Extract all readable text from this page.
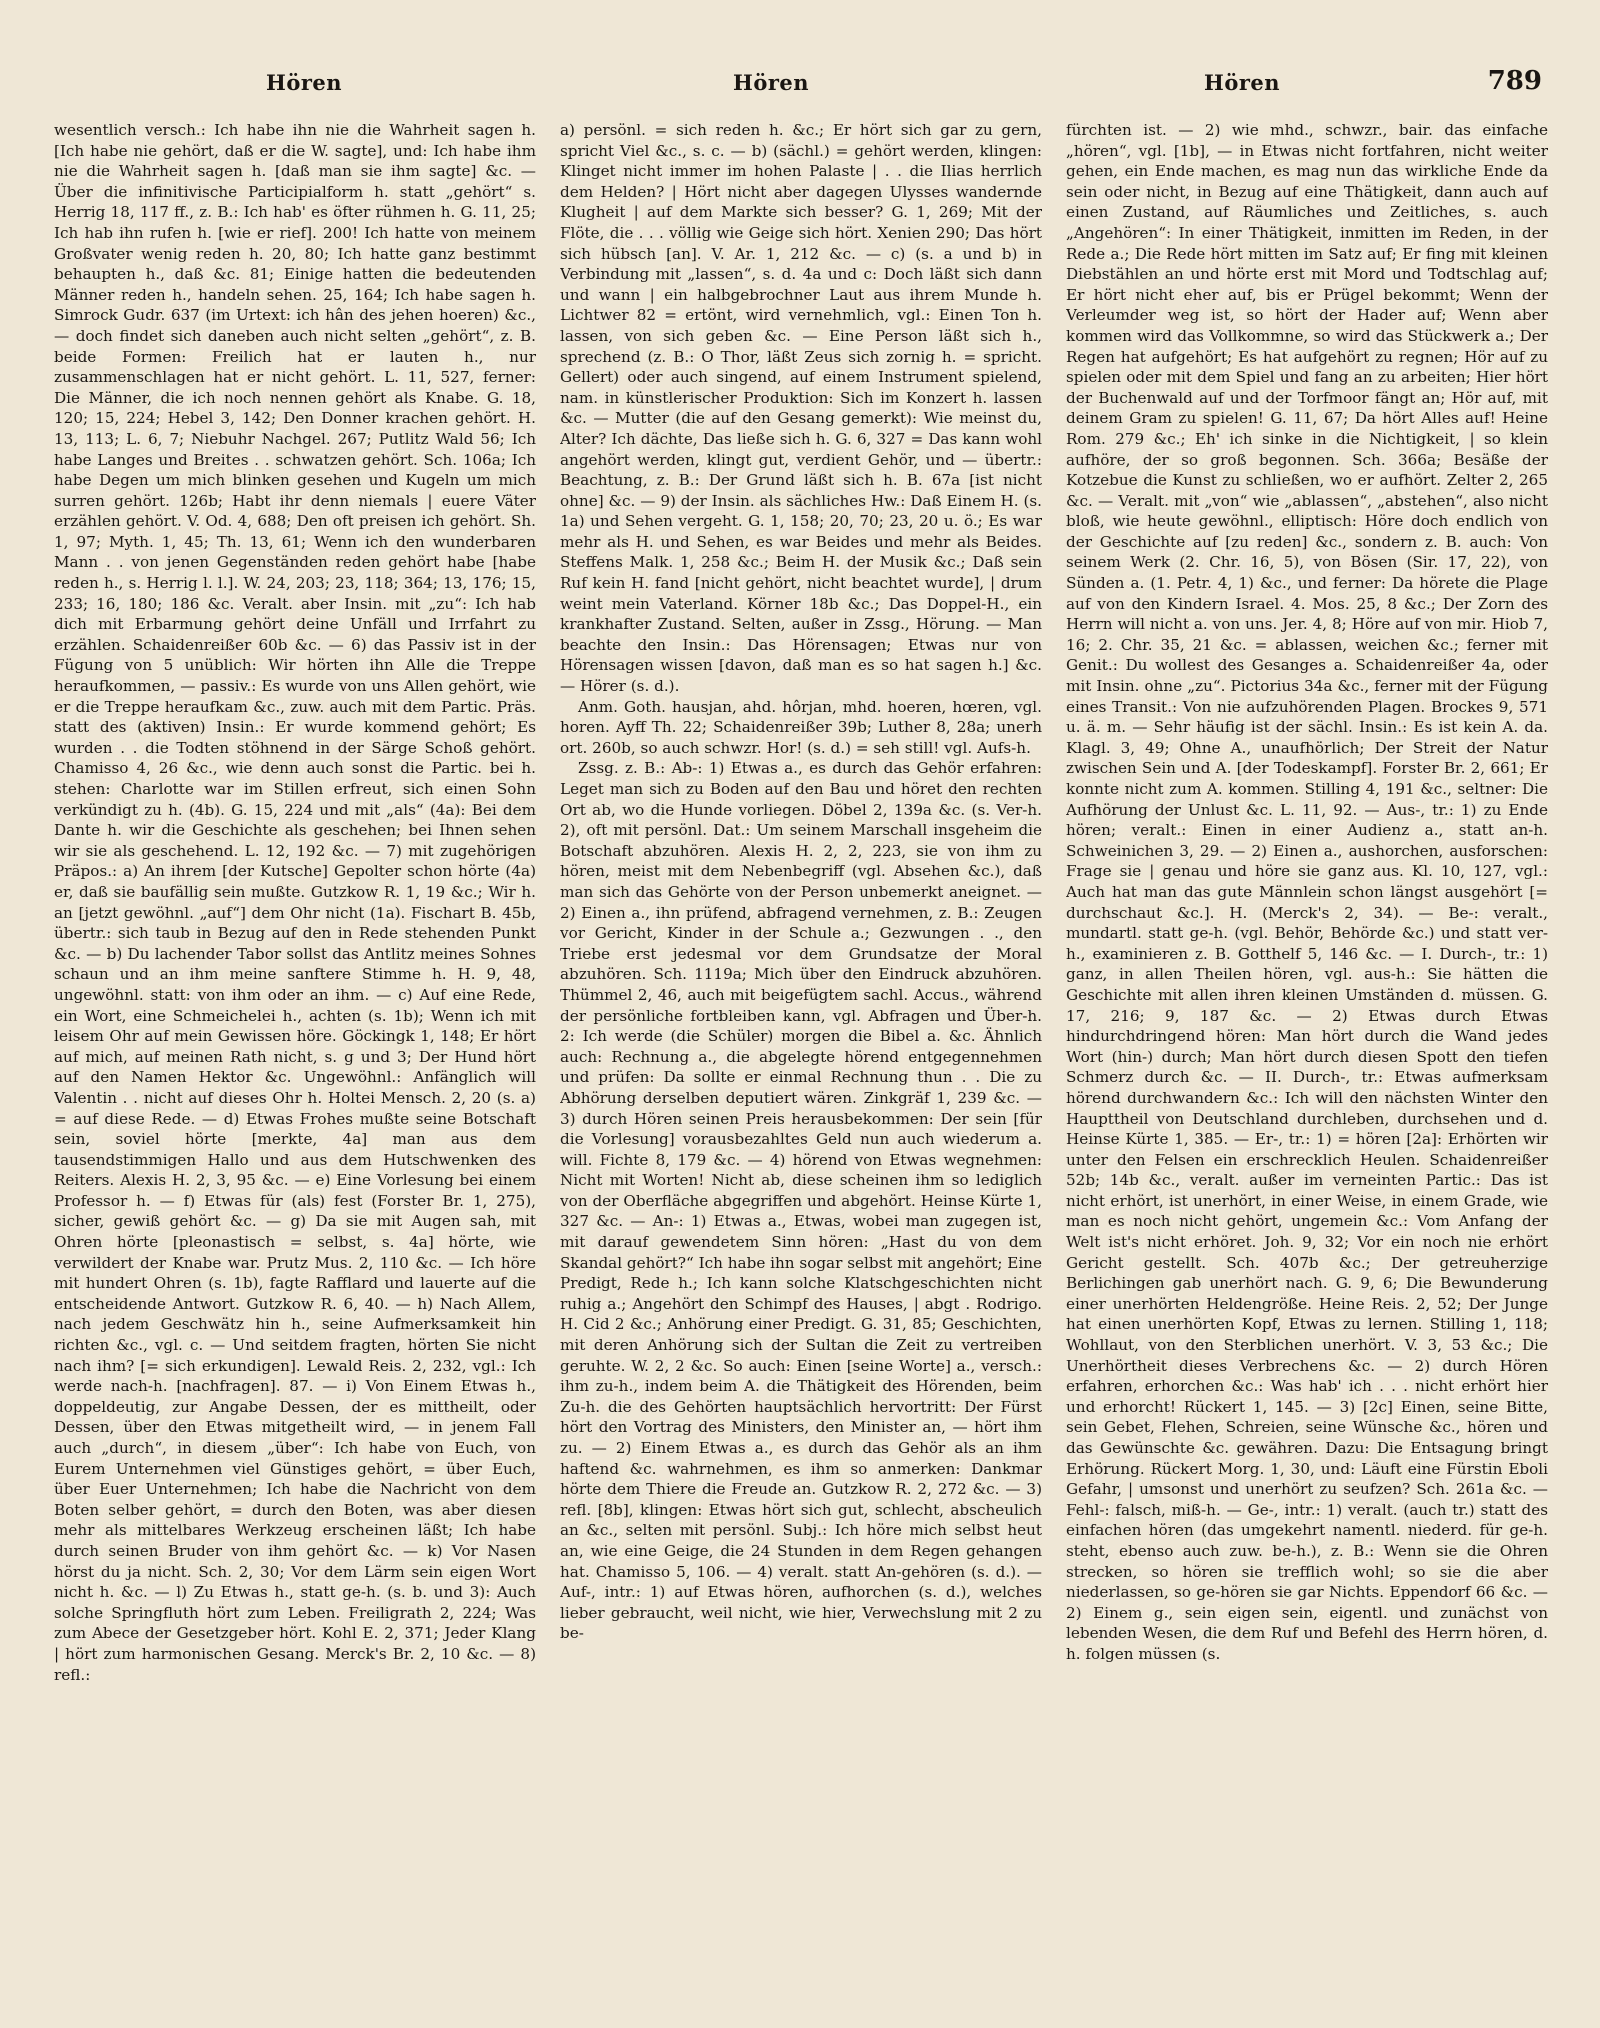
Hören	Hören	Hören	789

wesentlich versch.: Ich habe ihn nie die Wahrheit sagen h. [Ich habe nie gehört, daß er die W. sagte], und: Ich habe ihm nie die Wahrheit sagen h. [daß man sie ihm sagte] &c. — Über die infinitivische Participialform h. statt „gehört“ s. Herrig 18, 117 ff., z. B.: Ich hab' es öfter rühmen h. G. 11, 25; Ich hab ihn rufen h. [wie er rief]. 200! Ich hatte von meinem Großvater wenig reden h. 20, 80; Ich hatte ganz bestimmt behaupten h., daß &c. 81; Einige hatten die bedeutenden Männer reden h., handeln sehen. 25, 164; Ich habe sagen h. Simrock Gudr. 637 (im Urtext: ich hân des jehen hoeren) &c., — doch findet sich daneben auch nicht selten „gehört“, z. B. beide Formen: Freilich hat er lauten h., nur zusammenschlagen hat er nicht gehört. L. 11, 527, ferner: Die Männer, die ich noch nennen gehört als Knabe. G. 18, 120; 15, 224; Hebel 3, 142; Den Donner krachen gehört. H. 13, 113; L. 6, 7; Niebuhr Nachgel. 267; Putlitz Wald 56; Ich habe Langes und Breites . . schwatzen gehört. Sch. 106a; Ich habe Degen um mich blinken gesehen und Kugeln um mich surren gehört. 126b; Habt ihr denn niemals | euere Väter erzählen gehört. V. Od. 4, 688; Den oft preisen ich gehört. Sh. 1, 97; Myth. 1, 45; Th. 13, 61; Wenn ich den wunderbaren Mann . . von jenen Gegenständen reden gehört habe [habe reden h., s. Herrig l. l.]. W. 24, 203; 23, 118; 364; 13, 176; 15, 233; 16, 180; 186 &c. Veralt. aber Insin. mit „zu“: Ich hab dich mit Erbarmung gehört deine Unfäll und Irrfahrt zu erzählen. Schaidenreißer 60b &c. — 6) das Passiv ist in der Fügung von 5 unüblich: Wir hörten ihn Alle die Treppe heraufkommen, — passiv.: Es wurde von uns Allen gehört, wie er die Treppe heraufkam &c., zuw. auch mit dem Partic. Präs. statt des (aktiven) Insin.: Er wurde kommend gehört; Es wurden . . die Todten stöhnend in der Särge Schoß gehört. Chamisso 4, 26 &c., wie denn auch sonst die Partic. bei h. stehen: Charlotte war im Stillen erfreut, sich einen Sohn verkündigt zu h. (4b). G. 15, 224 und mit „als“ (4a): Bei dem Dante h. wir die Geschichte als geschehen; bei Ihnen sehen wir sie als geschehend. L. 12, 192 &c. — 7) mit zugehörigen Präpos.: a) An ihrem [der Kutsche] Gepolter schon hörte (4a) er, daß sie baufällig sein mußte. Gutzkow R. 1, 19 &c.; Wir h. an [jetzt gewöhnl. „auf“] dem Ohr nicht (1a). Fischart B. 45b, übertr.: sich taub in Bezug auf den in Rede stehenden Punkt &c. — b) Du lachender Tabor sollst das Antlitz meines Sohnes schaun und an ihm meine sanftere Stimme h. H. 9, 48, ungewöhnl. statt: von ihm oder an ihm. — c) Auf eine Rede, ein Wort, eine Schmeichelei h., achten (s. 1b); Wenn ich mit leisem Ohr auf mein Gewissen höre. Göckingk 1, 148; Er hört auf mich, auf meinen Rath nicht, s. g und 3; Der Hund hört auf den Namen Hektor &c. Ungewöhnl.: Anfänglich will Valentin . . nicht auf dieses Ohr h. Holtei Mensch. 2, 20 (s. a) = auf diese Rede. — d) Etwas Frohes mußte seine Botschaft sein, soviel hörte [merkte, 4a] man aus dem tausendstimmigen Hallo und aus dem Hutschwenken des Reiters. Alexis H. 2, 3, 95 &c. — e) Eine Vorlesung bei einem Professor h. — f) Etwas für (als) fest (Forster Br. 1, 275), sicher, gewiß gehört &c. — g) Da sie mit Augen sah, mit Ohren hörte [pleonastisch = selbst, s. 4a] hörte, wie verwildert der Knabe war. Prutz Mus. 2, 110 &c. — Ich höre mit hundert Ohren (s. 1b), fagte Rafflard und lauerte auf die entscheidende Antwort. Gutzkow R. 6, 40. — h) Nach Allem, nach jedem Geschwätz hin h., seine Aufmerksamkeit hin richten &c., vgl. c. — Und seitdem fragten, hörten Sie nicht nach ihm? [= sich erkundigen]. Lewald Reis. 2, 232, vgl.: Ich werde nach-h. [nachfragen]. 87. — i) Von Einem Etwas h., doppeldeutig, zur Angabe Dessen, der es mittheilt, oder Dessen, über den Etwas mitgetheilt wird, — in jenem Fall auch „durch“, in diesem „über“: Ich habe von Euch, von Eurem Unternehmen viel Günstiges gehört, = über Euch, über Euer Unternehmen; Ich habe die Nachricht von dem Boten selber gehört, = durch den Boten, was aber diesen mehr als mittelbares Werkzeug erscheinen läßt; Ich habe durch seinen Bruder von ihm gehört &c. — k) Vor Nasen hörst du ja nicht. Sch. 2, 30; Vor dem Lärm sein eigen Wort nicht h. &c. — l) Zu Etwas h., statt ge-h. (s. b. und 3): Auch solche Springfluth hört zum Leben. Freiligrath 2, 224; Was zum Abece der Gesetzgeber hört. Kohl E. 2, 371; Jeder Klang | hört zum harmonischen Gesang. Merck's Br. 2, 10 &c. — 8) refl.:

a) persönl. = sich reden h. &c.; Er hört sich gar zu gern, spricht Viel &c., s. c. — b) (sächl.) = gehört werden, klingen: Klinget nicht immer im hohen Palaste | . . die Ilias herrlich dem Helden? | Hört nicht aber dagegen Ulysses wandernde Klugheit | auf dem Markte sich besser? G. 1, 269; Mit der Flöte, die . . . völlig wie Geige sich hört. Xenien 290; Das hört sich hübsch [an]. V. Ar. 1, 212 &c. — c) (s. a und b) in Verbindung mit „lassen“, s. d. 4a und c: Doch läßt sich dann und wann | ein halbgebrochner Laut aus ihrem Munde h. Lichtwer 82 = ertönt, wird vernehmlich, vgl.: Einen Ton h. lassen, von sich geben &c. — Eine Person läßt sich h., sprechend (z. B.: O Thor, läßt Zeus sich zornig h. = spricht. Gellert) oder auch singend, auf einem Instrument spielend, nam. in künstlerischer Produktion: Sich im Konzert h. lassen &c. — Mutter (die auf den Gesang gemerkt): Wie meinst du, Alter? Ich dächte, Das ließe sich h. G. 6, 327 = Das kann wohl angehört werden, klingt gut, verdient Gehör, und — übertr.: Beachtung, z. B.: Der Grund läßt sich h. B. 67a [ist nicht ohne] &c. — 9) der Insin. als sächliches Hw.: Daß Einem H. (s. 1a) und Sehen vergeht. G. 1, 158; 20, 70; 23, 20 u. ö.; Es war mehr als H. und Sehen, es war Beides und mehr als Beides. Steffens Malk. 1, 258 &c.; Beim H. der Musik &c.; Daß sein Ruf kein H. fand [nicht gehört, nicht beachtet wurde], | drum weint mein Vaterland. Körner 18b &c.; Das Doppel-H., ein krankhafter Zustand. Selten, außer in Zssg., Hörung. — Man beachte den Insin.: Das Hörensagen; Etwas nur von Hörensagen wissen [davon, daß man es so hat sagen h.] &c. — Hörer (s. d.).

Anm. Goth. hausjan, ahd. hôrjan, mhd. hoeren, hœren, vgl. horen. Ayff Th. 22; Schaidenreißer 39b; Luther 8, 28a; unerh ort. 260b, so auch schwzr. Hor! (s. d.) = seh still! vgl. Aufs-h.

Zssg. z. B.: Ab-: 1) Etwas a., es durch das Gehör erfahren: Leget man sich zu Boden auf den Bau und höret den rechten Ort ab, wo die Hunde vorliegen. Döbel 2, 139a &c. (s. Ver-h. 2), oft mit persönl. Dat.: Um seinem Marschall insgeheim die Botschaft abzuhören. Alexis H. 2, 2, 223, sie von ihm zu hören, meist mit dem Nebenbegriff (vgl. Absehen &c.), daß man sich das Gehörte von der Person unbemerkt aneignet. — 2) Einen a., ihn prüfend, abfragend vernehmen, z. B.: Zeugen vor Gericht, Kinder in der Schule a.; Gezwungen . ., den Triebe erst jedesmal vor dem Grundsatze der Moral abzuhören. Sch. 1119a; Mich über den Eindruck abzuhören. Thümmel 2, 46, auch mit beigefügtem sachl. Accus., während der persönliche fortbleiben kann, vgl. Abfragen und Über-h. 2: Ich werde (die Schüler) morgen die Bibel a. &c. Ähnlich auch: Rechnung a., die abgelegte hörend entgegennehmen und prüfen: Da sollte er einmal Rechnung thun . . Die zu Abhörung derselben deputiert wären. Zinkgräf 1, 239 &c. — 3) durch Hören seinen Preis herausbekommen: Der sein [für die Vorlesung] vorausbezahltes Geld nun auch wiederum a. will. Fichte 8, 179 &c. — 4) hörend von Etwas wegnehmen: Nicht mit Worten! Nicht ab, diese scheinen ihm so lediglich von der Oberfläche abgegriffen und abgehört. Heinse Kürte 1, 327 &c. — An-: 1) Etwas a., Etwas, wobei man zugegen ist, mit darauf gewendetem Sinn hören: „Hast du von dem Skandal gehört?“ Ich habe ihn sogar selbst mit angehört; Eine Predigt, Rede h.; Ich kann solche Klatschgeschichten nicht ruhig a.; Angehört den Schimpf des Hauses, | abgt . Rodrigo. H. Cid 2 &c.; Anhörung einer Predigt. G. 31, 85; Geschichten, mit deren Anhörung sich der Sultan die Zeit zu vertreiben geruhte. W. 2, 2 &c. So auch: Einen [seine Worte] a., versch.: ihm zu-h., indem beim A. die Thätigkeit des Hörenden, beim Zu-h. die des Gehörten hauptsächlich hervortritt: Der Fürst hört den Vortrag des Ministers, den Minister an, — hört ihm zu. — 2) Einem Etwas a., es durch das Gehör als an ihm haftend &c. wahrnehmen, es ihm so anmerken: Dankmar hörte dem Thiere die Freude an. Gutzkow R. 2, 272 &c. — 3) refl. [8b], klingen: Etwas hört sich gut, schlecht, abscheulich an &c., selten mit persönl. Subj.: Ich höre mich selbst heut an, wie eine Geige, die 24 Stunden in dem Regen gehangen hat. Chamisso 5, 106. — 4) veralt. statt An-gehören (s. d.). — Auf-, intr.: 1) auf Etwas hören, aufhorchen (s. d.), welches lieber gebraucht, weil nicht, wie hier, Verwechslung mit 2 zu be-

fürchten ist. — 2) wie mhd., schwzr., bair. das einfache „hören“, vgl. [1b], — in Etwas nicht fortfahren, nicht weiter gehen, ein Ende machen, es mag nun das wirkliche Ende da sein oder nicht, in Bezug auf eine Thätigkeit, dann auch auf einen Zustand, auf Räumliches und Zeitliches, s. auch „Angehören“: In einer Thätigkeit, inmitten im Reden, in der Rede a.; Die Rede hört mitten im Satz auf; Er fing mit kleinen Diebstählen an und hörte erst mit Mord und Todtschlag auf; Er hört nicht eher auf, bis er Prügel bekommt; Wenn der Verleumder weg ist, so hört der Hader auf; Wenn aber kommen wird das Vollkommne, so wird das Stückwerk a.; Der Regen hat aufgehört; Es hat aufgehört zu regnen; Hör auf zu spielen oder mit dem Spiel und fang an zu arbeiten; Hier hört der Buchenwald auf und der Torfmoor fängt an; Hör auf, mit deinem Gram zu spielen! G. 11, 67; Da hört Alles auf! Heine Rom. 279 &c.; Eh' ich sinke in die Nichtigkeit, | so klein aufhöre, der so groß begonnen. Sch. 366a; Besäße der Kotzebue die Kunst zu schließen, wo er aufhört. Zelter 2, 265 &c. — Veralt. mit „von“ wie „ablassen“, „abstehen“, also nicht bloß, wie heute gewöhnl., elliptisch: Höre doch endlich von der Geschichte auf [zu reden] &c., sondern z. B. auch: Von seinem Werk (2. Chr. 16, 5), von Bösen (Sir. 17, 22), von Sünden a. (1. Petr. 4, 1) &c., und ferner: Da hörete die Plage auf von den Kindern Israel. 4. Mos. 25, 8 &c.; Der Zorn des Herrn will nicht a. von uns. Jer. 4, 8; Höre auf von mir. Hiob 7, 16; 2. Chr. 35, 21 &c. = ablassen, weichen &c.; ferner mit Genit.: Du wollest des Gesanges a. Schaidenreißer 4a, oder mit Insin. ohne „zu“. Pictorius 34a &c., ferner mit der Fügung eines Transit.: Von nie aufzuhörenden Plagen. Brockes 9, 571 u. ä. m. — Sehr häufig ist der sächl. Insin.: Es ist kein A. da. Klagl. 3, 49; Ohne A., unaufhörlich; Der Streit der Natur zwischen Sein und A. [der Todeskampf]. Forster Br. 2, 661; Er konnte nicht zum A. kommen. Stilling 4, 191 &c., seltner: Die Aufhörung der Unlust &c. L. 11, 92. — Aus-, tr.: 1) zu Ende hören; veralt.: Einen in einer Audienz a., statt an-h. Schweinichen 3, 29. — 2) Einen a., aushorchen, ausforschen: Frage sie | genau und höre sie ganz aus. Kl. 10, 127, vgl.: Auch hat man das gute Männlein schon längst ausgehört [= durchschaut &c.]. H. (Merck's 2, 34). — Be-: veralt., mundartl. statt ge-h. (vgl. Behör, Behörde &c.) und statt ver-h., examinieren z. B. Gotthelf 5, 146 &c. — I. Durch-, tr.: 1) ganz, in allen Theilen hören, vgl. aus-h.: Sie hätten die Geschichte mit allen ihren kleinen Umständen d. müssen. G. 17, 216; 9, 187 &c. — 2) Etwas durch Etwas hindurchdringend hören: Man hört durch die Wand jedes Wort (hin-) durch; Man hört durch diesen Spott den tiefen Schmerz durch &c. — II. Durch-, tr.: Etwas aufmerksam hörend durchwandern &c.: Ich will den nächsten Winter den Haupttheil von Deutschland durchleben, durchsehen und d. Heinse Kürte 1, 385. — Er-, tr.: 1) = hören [2a]: Erhörten wir unter den Felsen ein erschrecklich Heulen. Schaidenreißer 52b; 14b &c., veralt. außer im verneinten Partic.: Das ist nicht erhört, ist unerhört, in einer Weise, in einem Grade, wie man es noch nicht gehört, ungemein &c.: Vom Anfang der Welt ist's nicht erhöret. Joh. 9, 32; Vor ein noch nie erhört Gericht gestellt. Sch. 407b &c.; Der getreuherzige Berlichingen gab unerhört nach. G. 9, 6; Die Bewunderung einer unerhörten Heldengröße. Heine Reis. 2, 52; Der Junge hat einen unerhörten Kopf, Etwas zu lernen. Stilling 1, 118; Wohllaut, von den Sterblichen unerhört. V. 3, 53 &c.; Die Unerhörtheit dieses Verbrechens &c. — 2) durch Hören erfahren, erhorchen &c.: Was hab' ich . . . nicht erhört hier und erhorcht! Rückert 1, 145. — 3) [2c] Einen, seine Bitte, sein Gebet, Flehen, Schreien, seine Wünsche &c., hören und das Gewünschte &c. gewähren. Dazu: Die Entsagung bringt Erhörung. Rückert Morg. 1, 30, und: Läuft eine Fürstin Eboli Gefahr, | umsonst und unerhört zu seufzen? Sch. 261a &c. — Fehl-: falsch, miß-h. — Ge-, intr.: 1) veralt. (auch tr.) statt des einfachen hören (das umgekehrt namentl. niederd. für ge-h. steht, ebenso auch zuw. be-h.), z. B.: Wenn sie die Ohren strecken, so hören sie trefflich wohl; so sie die aber niederlassen, so ge-hören sie gar Nichts. Eppendorf 66 &c. — 2) Einem g., sein eigen sein, eigentl. und zunächst von lebenden Wesen, die dem Ruf und Befehl des Herrn hören, d. h. folgen müssen (s.
